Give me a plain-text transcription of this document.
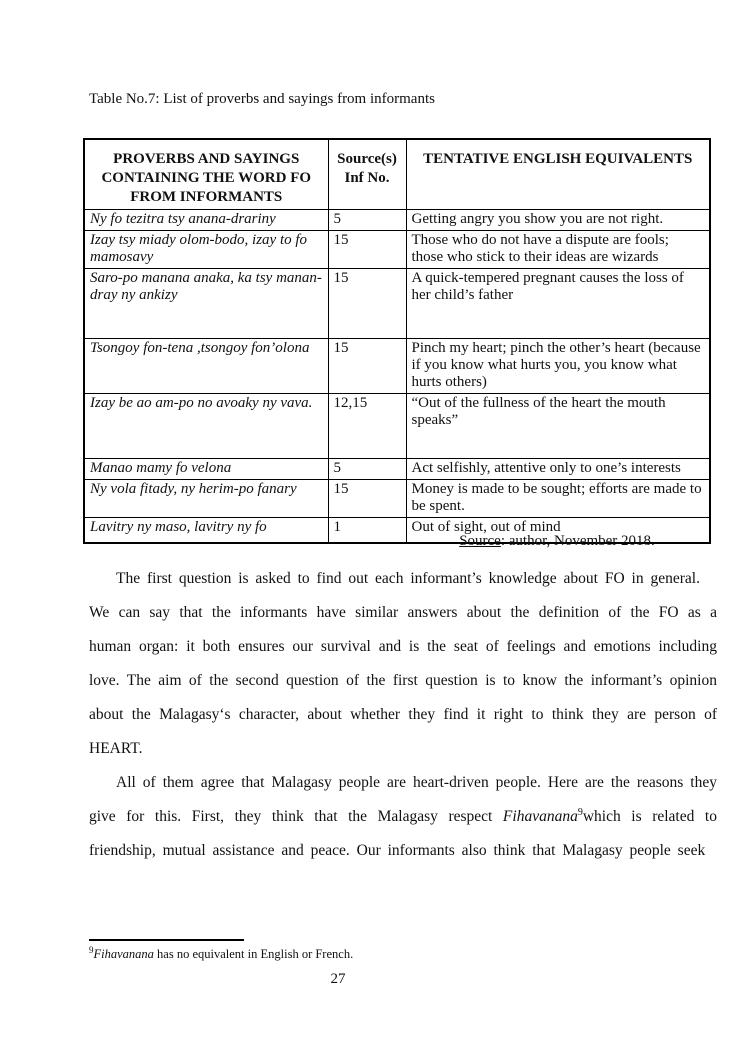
Table No.7: List of proverbs and sayings from informants
PROVERBS AND SAYINGS CONTAINING THE WORD FO FROM INFORMANTS	Source(s) Inf No.	TENTATIVE ENGLISH EQUIVALENTS
Ny fo tezitra tsy anana-drariny	5	Getting angry you show you are not right.
Izay tsy miady olom-bodo, izay to fo mamosavy	15	Those who do not have a dispute are fools; those who stick to their ideas are wizards
Saro-po manana anaka, ka tsy manan-dray ny ankizy	15	A quick-tempered pregnant causes the loss of her child’s father
Tsongoy fon-tena ,tsongoy fon’olona	15	Pinch my heart; pinch the other’s heart (because if you know what hurts you, you know what hurts others)
Izay be ao am-po no avoaky ny vava.	12,15	“Out of the fullness of the heart the mouth speaks”
Manao mamy fo velona	5	Act selfishly, attentive only to one’s interests
Ny vola fitady, ny herim-po fanary	15	Money is made to be sought; efforts are made to be spent.
Lavitry ny maso, lavitry ny fo	1	Out of sight, out of mind
Source: author, November 2018.

The first question is asked to find out each informant’s knowledge about FO in general.

We can say that the informants have similar answers about the definition of the FO as a human organ: it both ensures our survival and is the seat of feelings and emotions including love. The aim of the second question of the first question is to know the informant’s opinion about the Malagasy‘s character, about whether they find it right to think they are person of HEART.

All of them agree that Malagasy people are heart-driven people. Here are the reasons they give for this. First, they think that the Malagasy respect Fihavanana$^9$which is related to friendship, mutual assistance and peace. Our informants also think that Malagasy people seek

$^9$Fihavanana has no equivalent in English or French.
27
